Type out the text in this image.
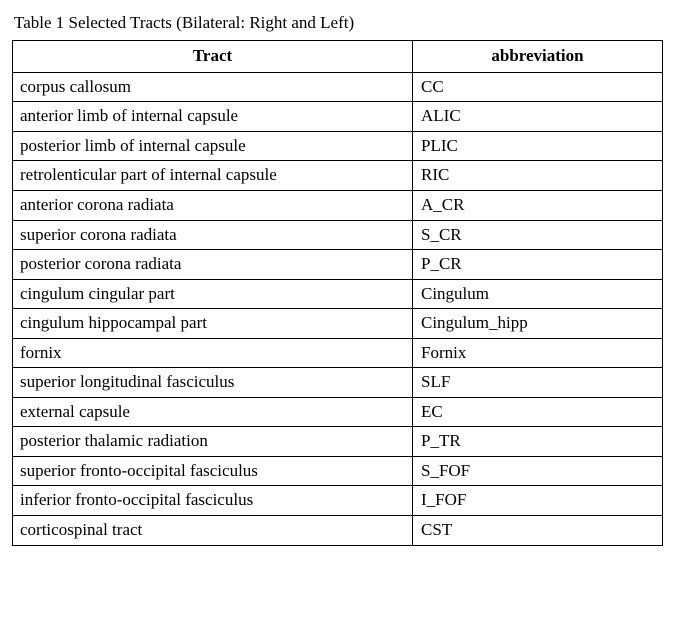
Table 1 Selected Tracts (Bilateral: Right and Left)
Tract	abbreviation
corpus callosum	CC
anterior limb of internal capsule	ALIC
posterior limb of internal capsule	PLIC
retrolenticular part of internal capsule	RIC
anterior corona radiata	A_CR
superior corona radiata	S_CR
posterior corona radiata	P_CR
cingulum cingular part	Cingulum
cingulum hippocampal part	Cingulum_hipp
fornix	Fornix
superior longitudinal fasciculus	SLF
external capsule	EC
posterior thalamic radiation	P_TR
superior fronto-occipital fasciculus	S_FOF
inferior fronto-occipital fasciculus	I_FOF
corticospinal tract	CST
